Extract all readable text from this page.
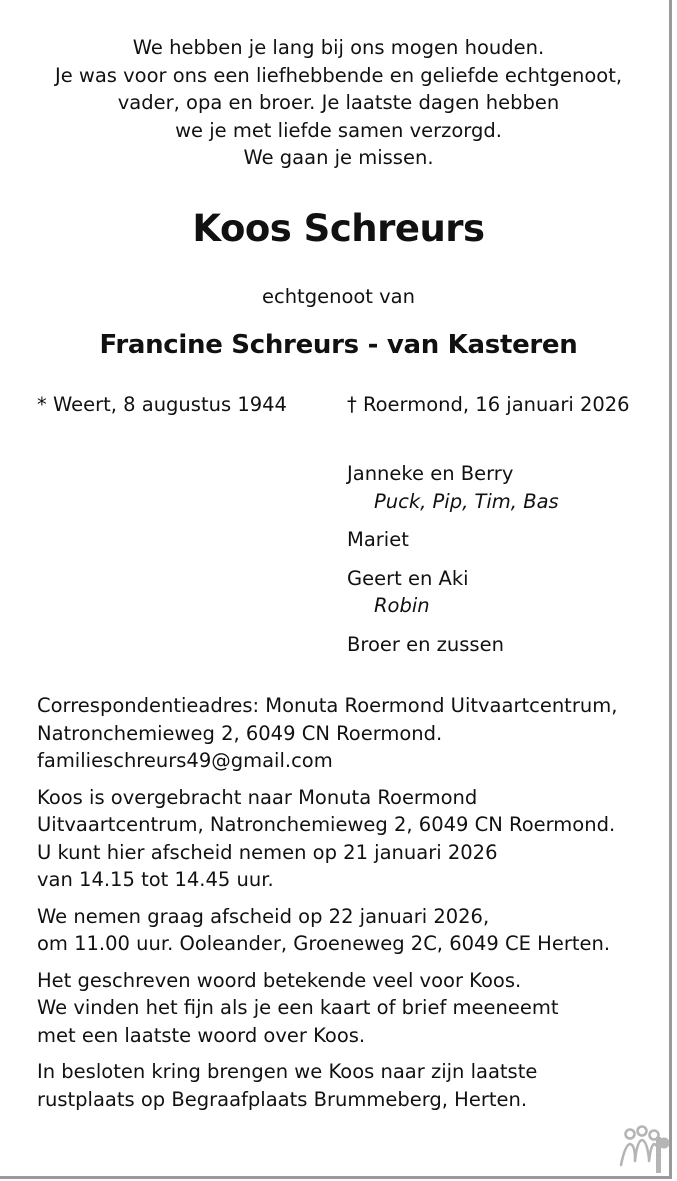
We hebben je lang bij ons mogen houden.
Je was voor ons een liefhebbende en geliefde echtgenoot,
vader, opa en broer. Je laatste dagen hebben
we je met liefde samen verzorgd.
We gaan je missen.
Koos Schreurs
echtgenoot van
Francine Schreurs - van Kasteren
* Weert, 8 augustus 1944	† Roermond, 16 januari 2026
Janneke en Berry
Puck, Pip, Tim, Bas
Mariet
Geert en Aki
Robin
Broer en zussen
Correspondentieadres: Monuta Roermond Uitvaartcentrum,
Natronchemieweg 2, 6049 CN Roermond.
familieschreurs49@gmail.com
Koos is overgebracht naar Monuta Roermond
Uitvaartcentrum, Natronchemieweg 2, 6049 CN Roermond.
U kunt hier afscheid nemen op 21 januari 2026
van 14.15 tot 14.45 uur.
We nemen graag afscheid op 22 januari 2026,
om 11.00 uur. Ooleander, Groeneweg 2C, 6049 CE Herten.
Het geschreven woord betekende veel voor Koos.
We vinden het fijn als je een kaart of brief meeneemt
met een laatste woord over Koos.
In besloten kring brengen we Koos naar zijn laatste
rustplaats op Begraafplaats Brummeberg, Herten.
